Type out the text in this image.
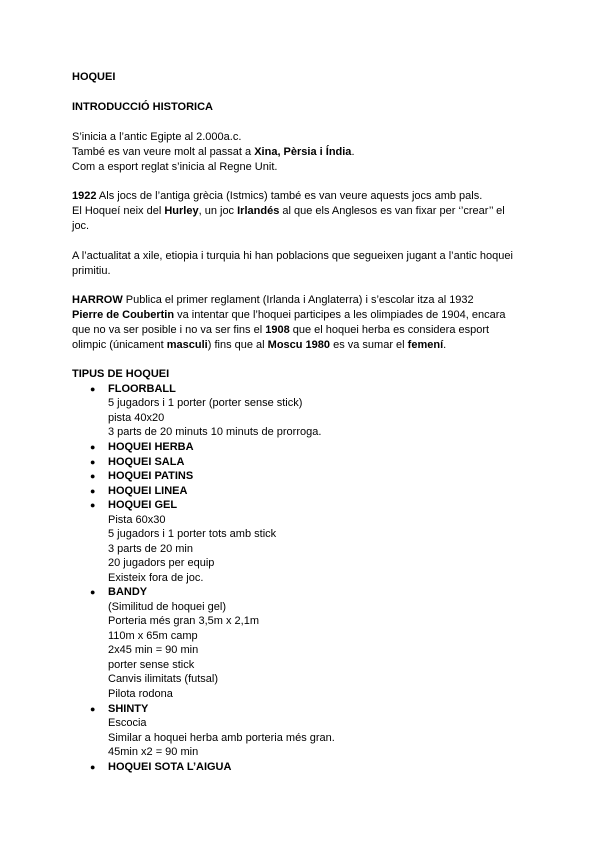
HOQUEI
INTRODUCCIÓ HISTORICA
S’inicia a l’antic Egipte al 2.000a.c.
També es van veure molt al passat a Xina, Pèrsia i Índia.
Com a esport reglat s’inicia al Regne Unit.
1922 Als jocs de l’antiga grècia (Istmics) també es van veure aquests jocs amb pals.
El Hoqueí neix del Hurley, un joc Irlandés al que els Anglesos es van fixar per ‘’crear’’ el
joc.
A l’actualitat a xile, etiopia i turquia hi han poblacions que segueixen jugant a l’antic hoquei
primitiu.
HARROW Publica el primer reglament (Irlanda i Anglaterra) i s’escolar itza al 1932
Pierre de Coubertin va intentar que l’hoquei participes a les olimpiades de 1904, encara
que no va ser posible i no va ser fins el 1908 que el hoquei herba es considera esport
olimpic (únicament masculi) fins que al Moscu 1980 es va sumar el femení.
TIPUS DE HOQUEI
● FLOORBALL
5 jugadors i 1 porter (porter sense stick)
pista 40x20
3 parts de 20 minuts 10 minuts de prorroga.
● HOQUEI HERBA
● HOQUEI SALA
● HOQUEI PATINS
● HOQUEI LINEA
● HOQUEI GEL
Pista 60x30
5 jugadors i 1 porter tots amb stick
3 parts de 20 min
20 jugadors per equip
Existeix fora de joc.
● BANDY
(Similitud de hoquei gel)
Porteria més gran 3,5m x 2,1m
110m x 65m camp
2x45 min = 90 min
porter sense stick
Canvis ilimitats (futsal)
Pilota rodona
● SHINTY
Escocia
Similar a hoquei herba amb porteria més gran.
45min x2 = 90 min
● HOQUEI SOTA L’AIGUA
